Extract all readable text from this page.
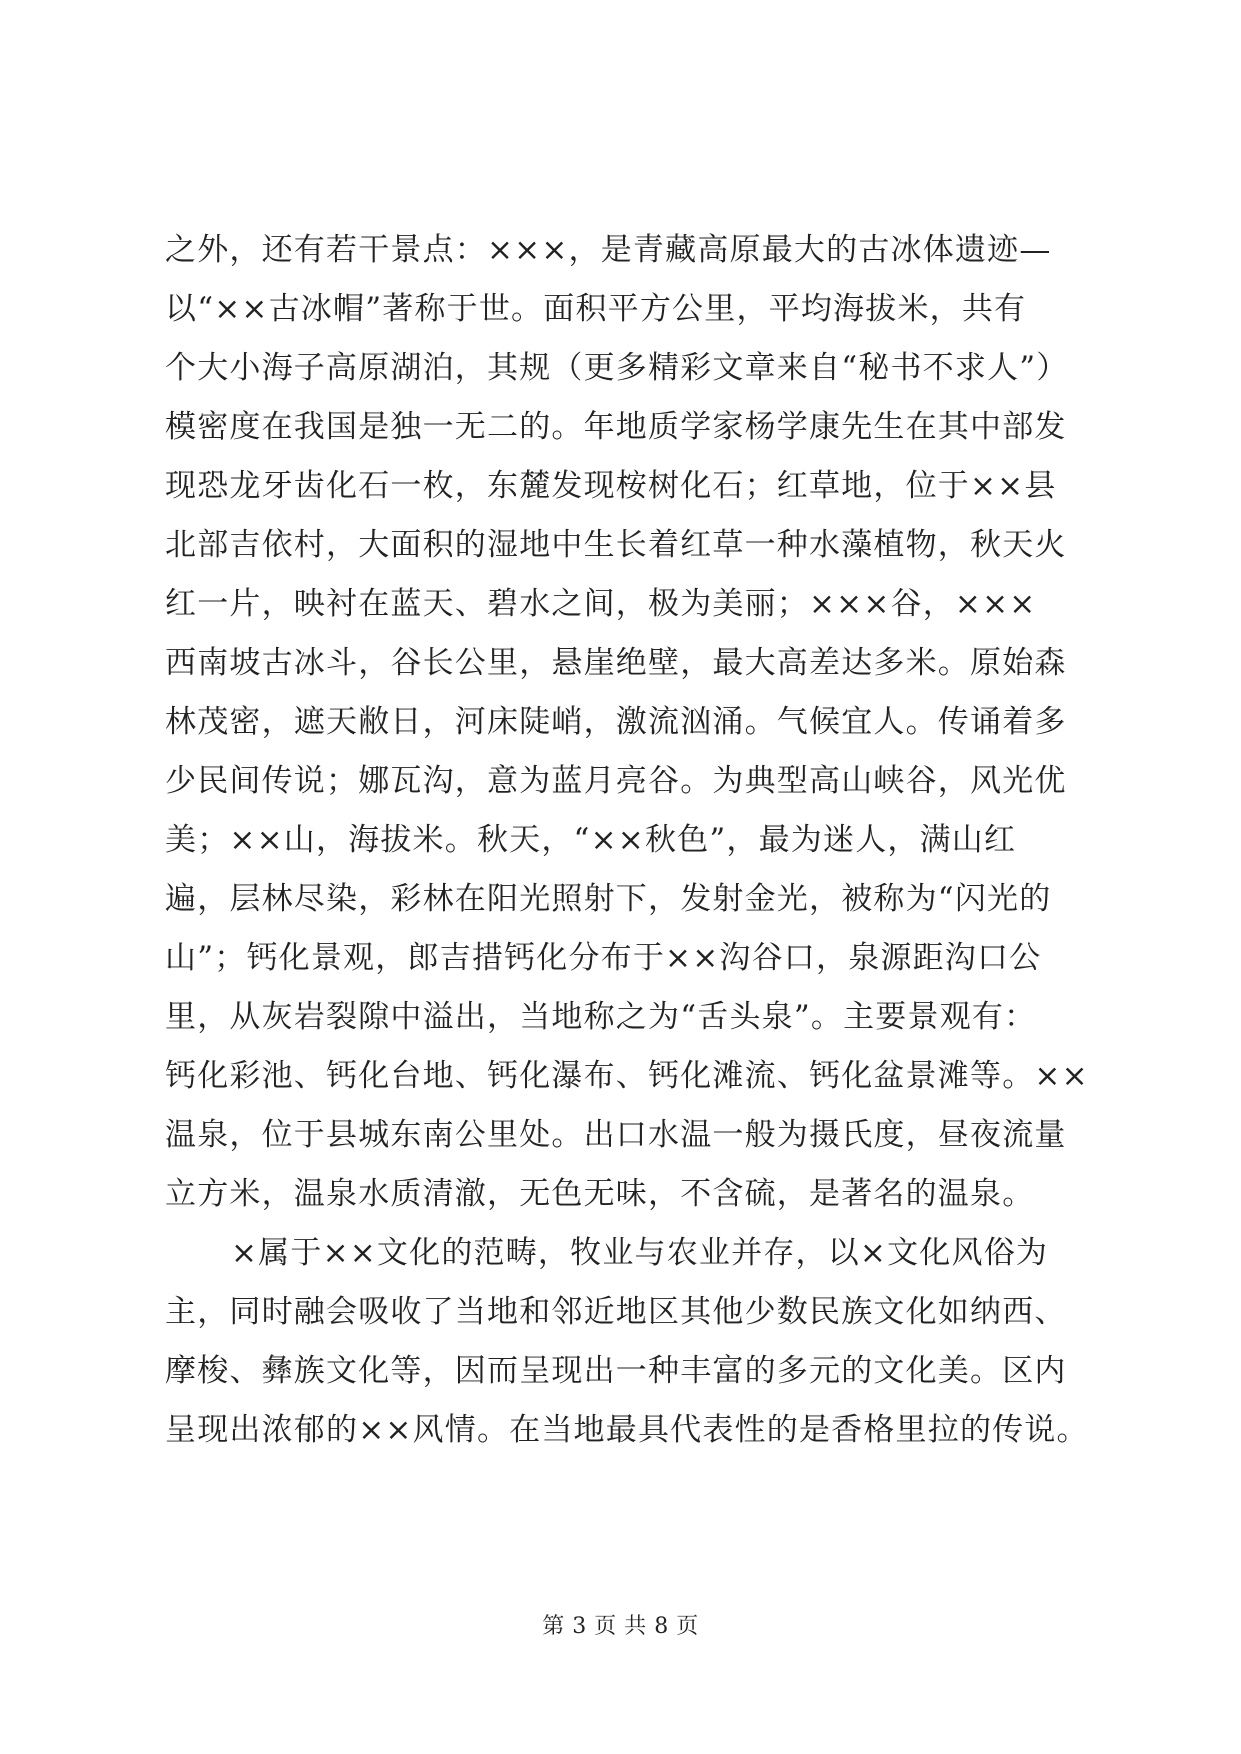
之外，还有若干景点：×××，是青藏高原最大的古冰体遗迹—
以“××古冰帽”著称于世。面积平方公里，平均海拔米，共有
个大小海子高原湖泊，其规（更多精彩文章来自“秘书不求人”）
模密度在我国是独一无二的。年地质学家杨学康先生在其中部发
现恐龙牙齿化石一枚，东麓发现桉树化石；红草地，位于××县
北部吉依村，大面积的湿地中生长着红草一种水藻植物，秋天火
红一片，映衬在蓝天、碧水之间，极为美丽；×××谷，×××
西南坡古冰斗，谷长公里，悬崖绝壁，最大高差达多米。原始森
林茂密，遮天敝日，河床陡峭，激流汹涌。气候宜人。传诵着多
少民间传说；娜瓦沟，意为蓝月亮谷。为典型高山峡谷，风光优
美；××山，海拔米。秋天，“××秋色”，最为迷人，满山红
遍，层林尽染，彩林在阳光照射下，发射金光，被称为“闪光的
山”；钙化景观，郎吉措钙化分布于××沟谷口，泉源距沟口公
里，从灰岩裂隙中溢出，当地称之为“舌头泉”。主要景观有：
钙化彩池、钙化台地、钙化瀑布、钙化滩流、钙化盆景滩等。××
温泉，位于县城东南公里处。出口水温一般为摄氏度，昼夜流量
立方米，温泉水质清澈，无色无味，不含硫，是著名的温泉。
×属于××文化的范畴，牧业与农业并存，以×文化风俗为
主，同时融会吸收了当地和邻近地区其他少数民族文化如纳西、
摩梭、彝族文化等，因而呈现出一种丰富的多元的文化美。区内
呈现出浓郁的××风情。在当地最具代表性的是香格里拉的传说。
第 3 页 共 8 页
